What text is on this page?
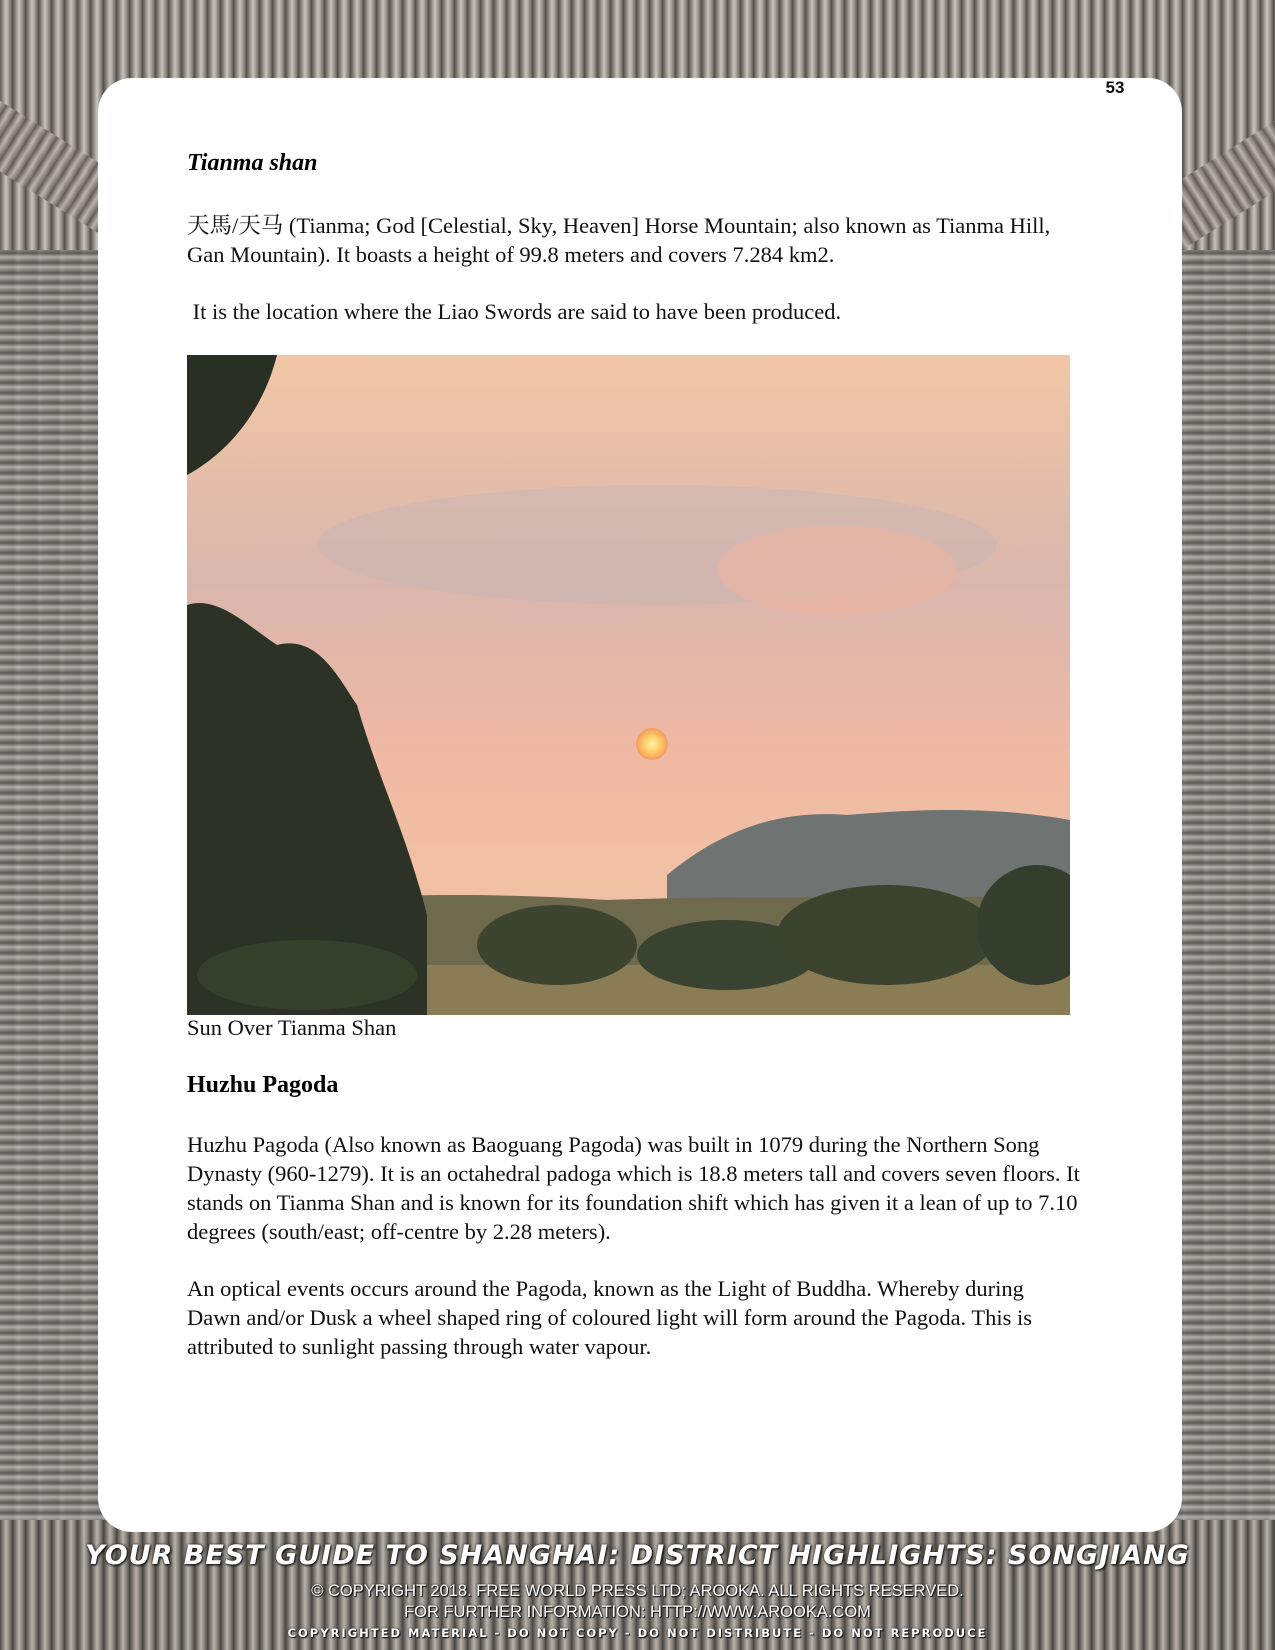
53
Tianma shan

天馬/天马 (Tianma; God [Celestial, Sky, Heaven] Horse Mountain; also known as Tianma Hill, Gan Mountain). It boasts a height of 99.8 meters and covers 7.284 km2.

It is the location where the Liao Swords are said to have been produced.

Sun Over Tianma Shan
Huzhu Pagoda

Huzhu Pagoda (Also known as Baoguang Pagoda) was built in 1079 during the Northern Song Dynasty (960-1279). It is an octahedral padoga which is 18.8 meters tall and covers seven floors. It stands on Tianma Shan and is known for its foundation shift which has given it a lean of up to 7.10 degrees (south/east; off-centre by 2.28 meters).

An optical events occurs around the Pagoda, known as the Light of Buddha. Whereby during Dawn and/or Dusk a wheel shaped ring of coloured light will form around the Pagoda. This is attributed to sunlight passing through water vapour.

YOUR BEST GUIDE TO SHANGHAI: DISTRICT HIGHLIGHTS: SONGJIANG
© COPYRIGHT 2018. FREE WORLD PRESS LTD; AROOKA. ALL RIGHTS RESERVED.
FOR FURTHER INFORMATION: HTTP://WWW.AROOKA.COM
COPYRIGHTED MATERIAL - DO NOT COPY - DO NOT DISTRIBUTE - DO NOT REPRODUCE
